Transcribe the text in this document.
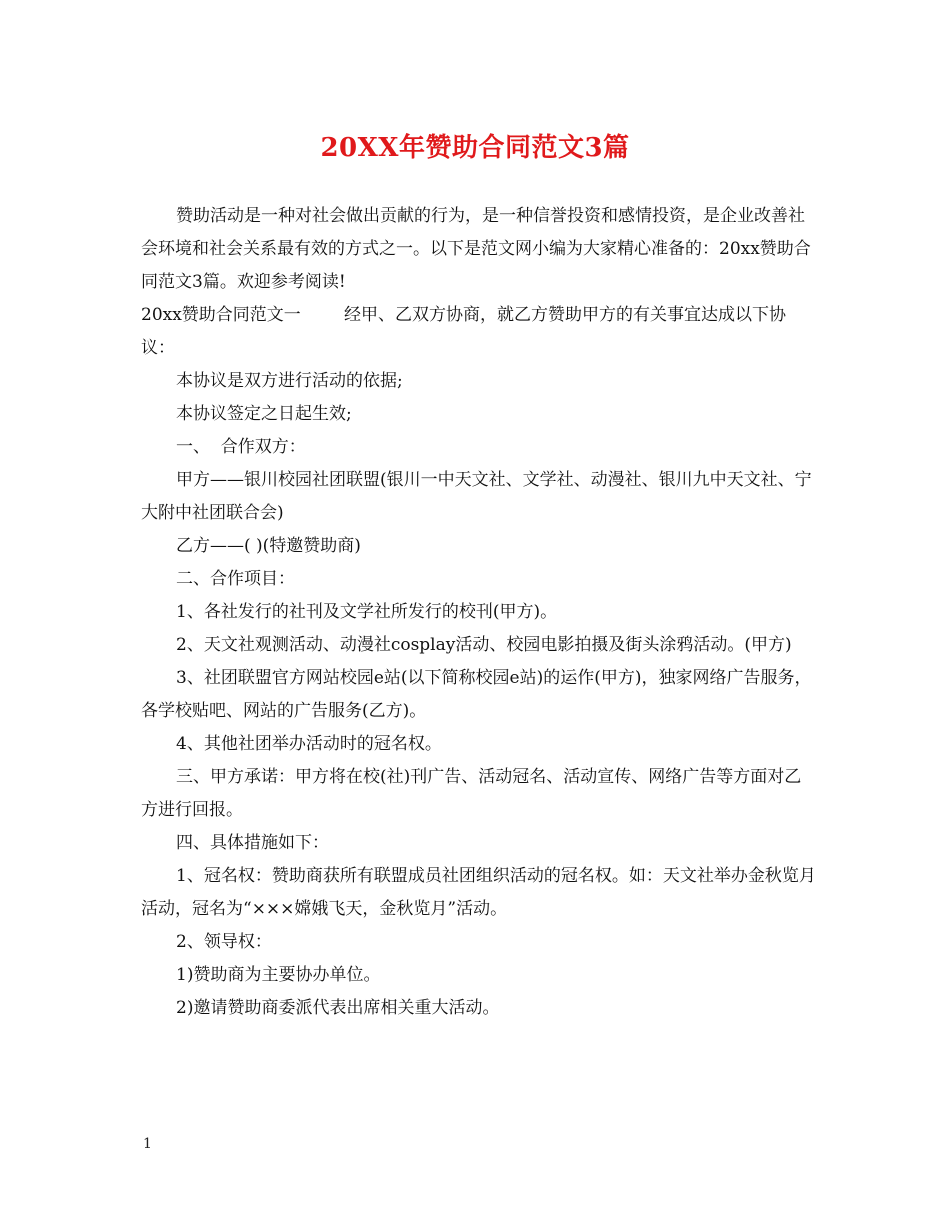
20XX年赞助合同范文3篇

赞助活动是一种对社会做出贡献的行为，是一种信誉投资和感情投资，是企业改善社会环境和社会关系最有效的方式之一。以下是范文网小编为大家精心准备的：20xx赞助合同范文3篇。欢迎参考阅读!

20xx赞助合同范文一        经甲、乙双方协商，就乙方赞助甲方的有关事宜达成以下协议：

本协议是双方进行活动的依据;

本协议签定之日起生效;

一、  合作双方：

甲方——银川校园社团联盟(银川一中天文社、文学社、动漫社、银川九中天文社、宁大附中社团联合会)

乙方——( )(特邀赞助商)

二、合作项目：

1、各社发行的社刊及文学社所发行的校刊(甲方)。

2、天文社观测活动、动漫社cosplay活动、校园电影拍摄及街头涂鸦活动。(甲方)

3、社团联盟官方网站校园e站(以下简称校园e站)的运作(甲方)，独家网络广告服务，各学校贴吧、网站的广告服务(乙方)。

4、其他社团举办活动时的冠名权。

三、甲方承诺：甲方将在校(社)刊广告、活动冠名、活动宣传、网络广告等方面对乙方进行回报。

四、具体措施如下：

1、冠名权：赞助商获所有联盟成员社团组织活动的冠名权。如：天文社举办金秋览月活动，冠名为“×××嫦娥飞天，金秋览月”活动。

2、领导权：

1)赞助商为主要协办单位。

2)邀请赞助商委派代表出席相关重大活动。

1
